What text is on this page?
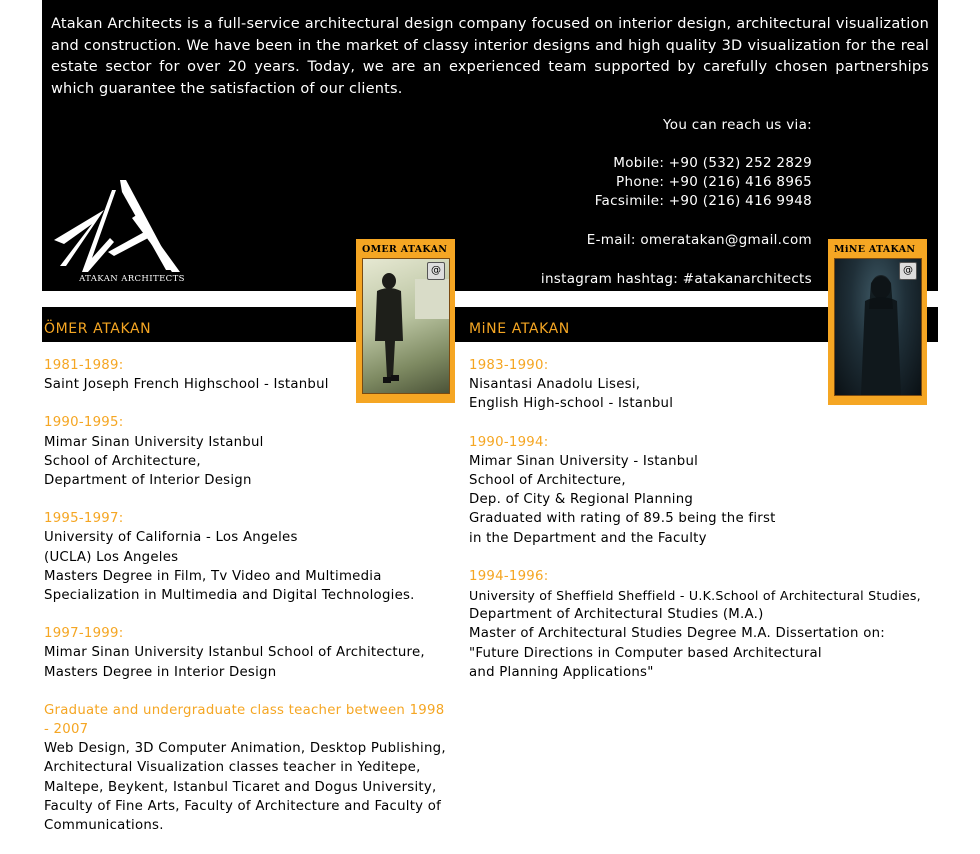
Atakan Architects is a full-service architectural design company focused on interior design, architectural visualization and construction. We have been in the market of classy interior designs and high quality 3D visualization for the real estate sector for over 20 years. Today, we are an experienced team supported by carefully chosen partnerships which guarantee the satisfaction of our clients.

You can reach us via:
Mobile: +90 (532) 252 2829
Phone: +90 (216) 416 8965
Facsimile: +90 (216) 416 9948
E-mail: omeratakan@gmail.com
instagram hashtag: #atakanarchitects
ATAKAN ARCHITECTS
ÖMER ATAKAN	MiNE ATAKAN
OMER ATAKAN
@
MiNE ATAKAN
@
1981-1989:
Saint Joseph French Highschool - Istanbul
1990-1995:
Mimar Sinan University Istanbul
School of Architecture,
Department of Interior Design
1995-1997:
University of California - Los Angeles
(UCLA) Los Angeles
Masters Degree in Film, Tv Video and Multimedia
Specialization in Multimedia and Digital Technologies.
1997-1999:
Mimar Sinan University Istanbul School of Architecture,
Masters Degree in Interior Design
Graduate and undergraduate class teacher between 1998 - 2007
Web Design, 3D Computer Animation, Desktop Publishing, Architectural Visualization classes teacher in Yeditepe, Maltepe, Beykent, Istanbul Ticaret and Dogus University, Faculty of Fine Arts, Faculty of Architecture and Faculty of Communications.
1983-1990:
Nisantasi Anadolu Lisesi,
English High-school - Istanbul
1990-1994:
Mimar Sinan University - Istanbul
School of Architecture,
Dep. of City & Regional Planning
Graduated with rating of 89.5 being the first
in the Department and the Faculty
1994-1996:
University of Sheffield Sheffield - U.K.School of Architectural Studies,
Department of Architectural Studies (M.A.)
Master of Architectural Studies Degree M.A. Dissertation on:
"Future Directions in Computer based Architectural
and Planning Applications"
